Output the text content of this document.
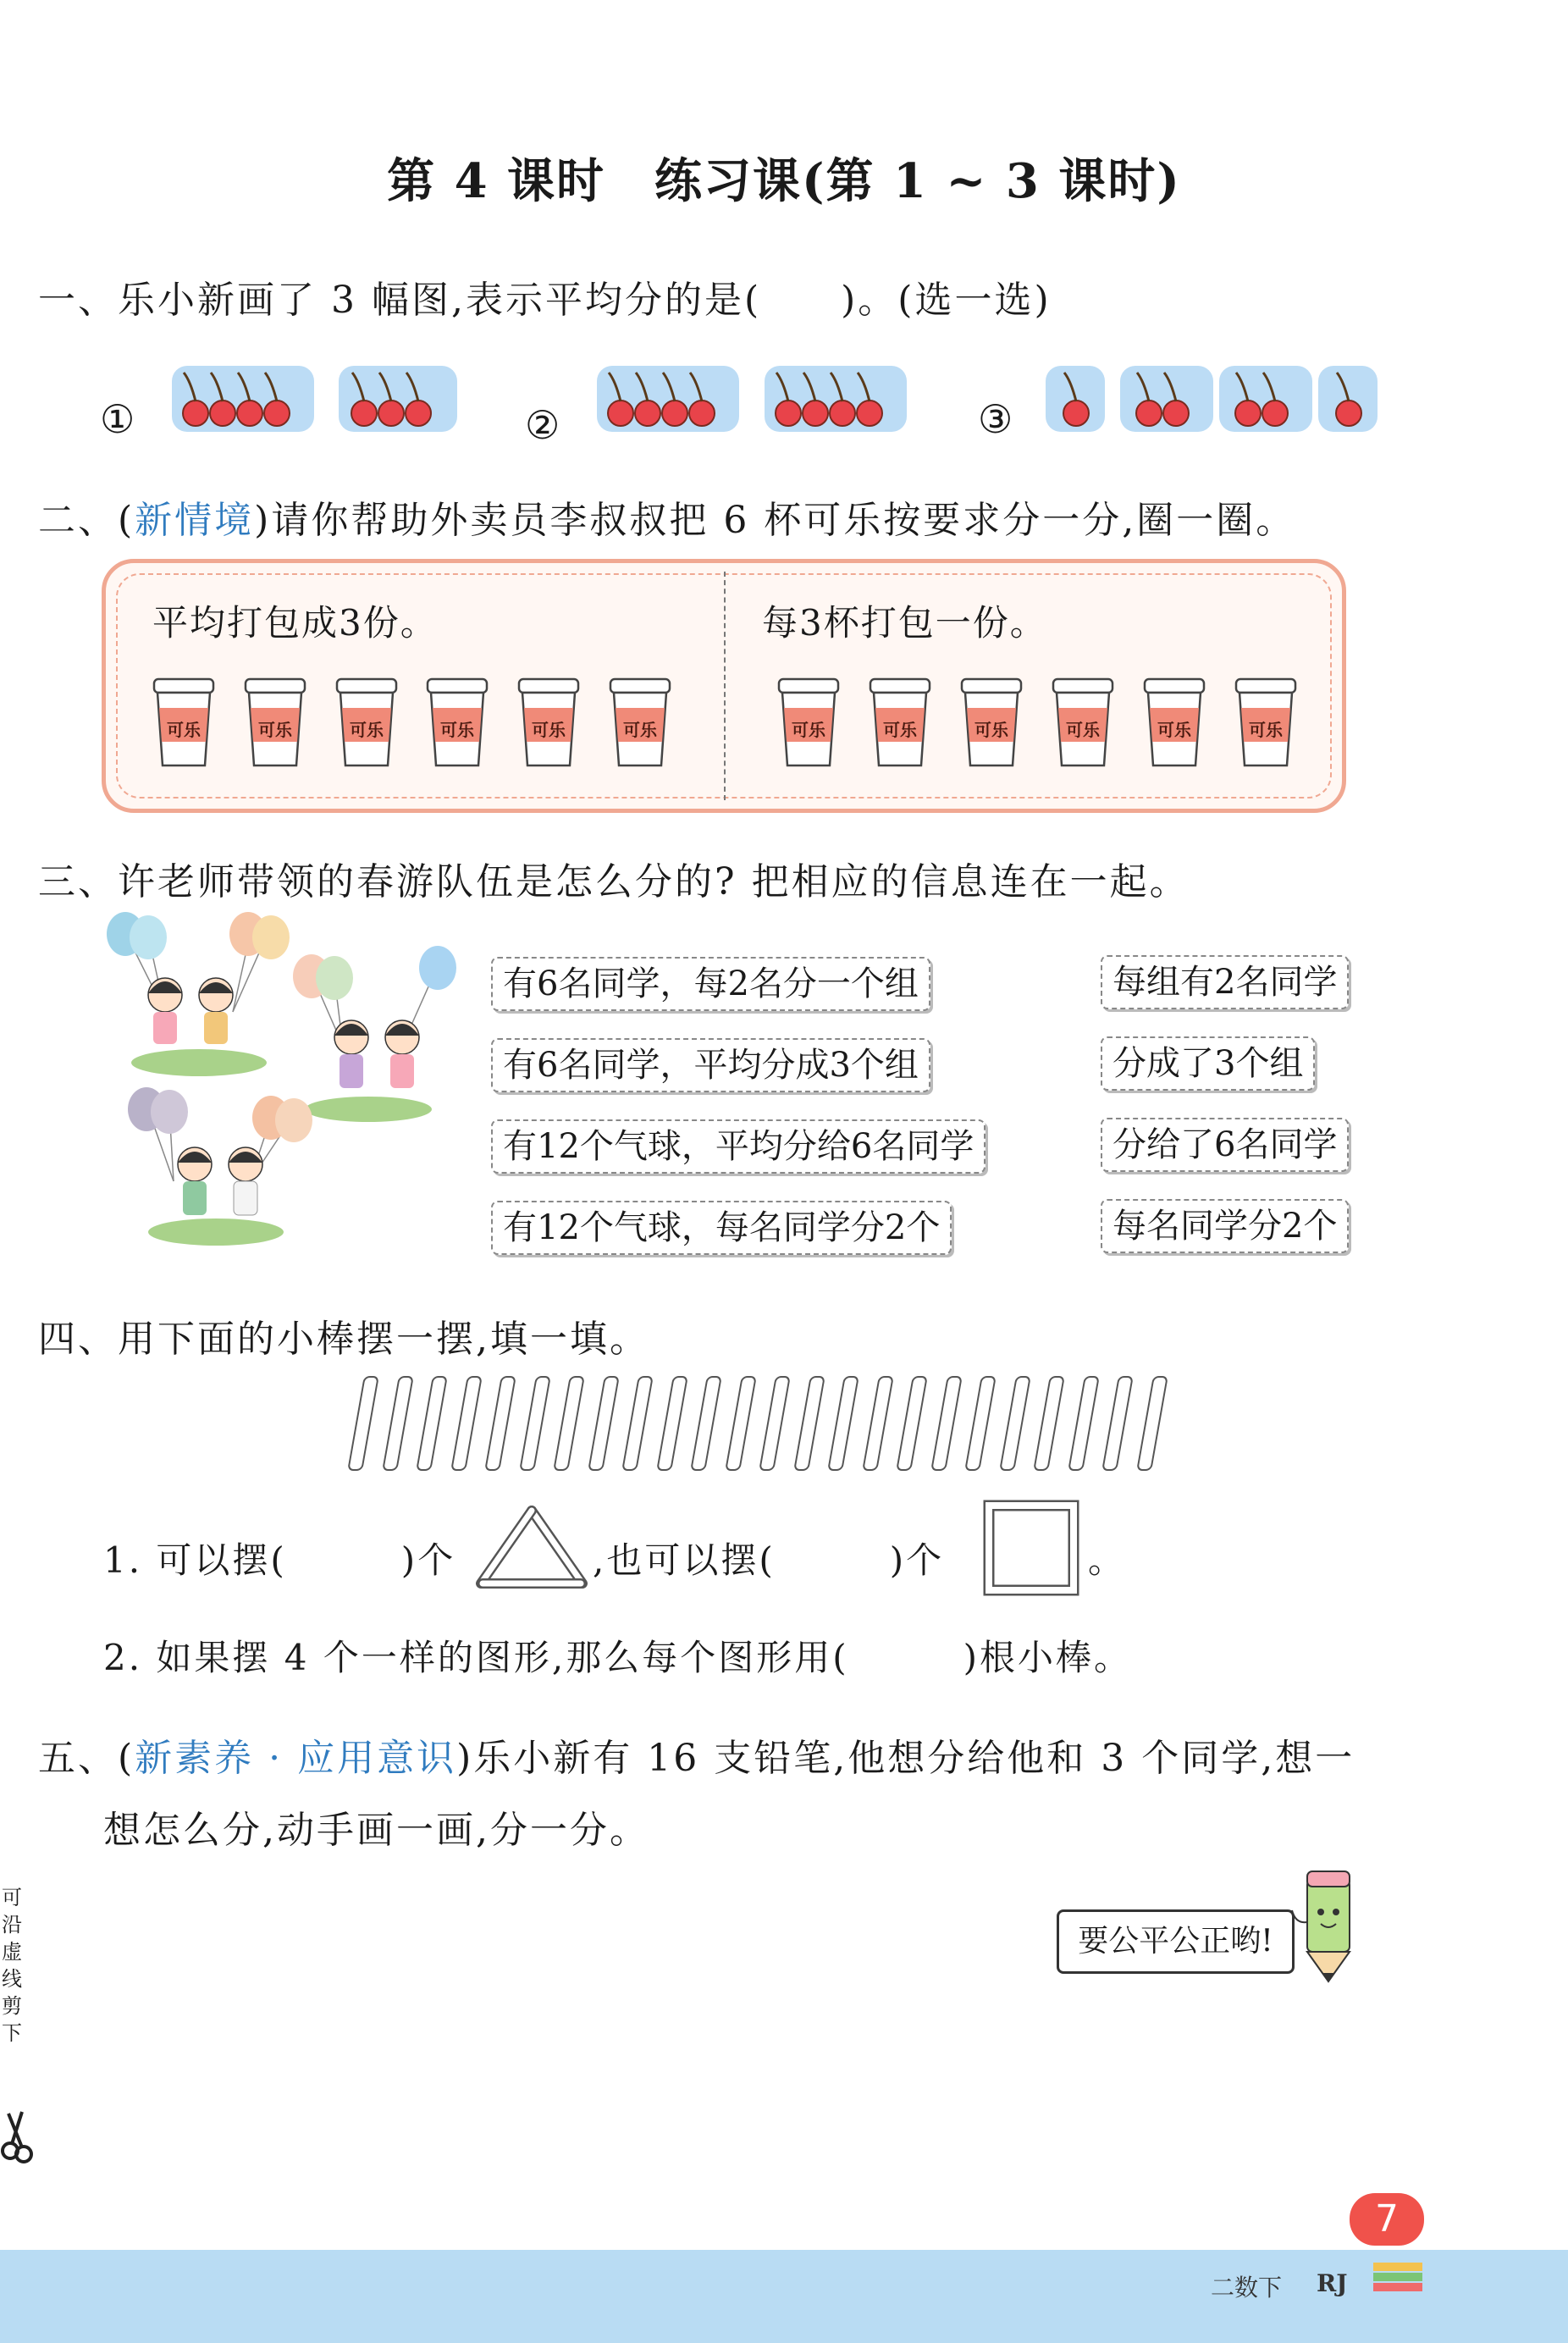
第 4 课时　练习课(第 1 ~ 3 课时)
一、乐小新画了 3 幅图,表示平均分的是(　　)。(选一选)
①	②	③
二、(新情境)请你帮助外卖员李叔叔把 6 杯可乐按要求分一分,圈一圈。
平均打包成3份。	每3杯打包一份。
可乐	可乐	可乐	可乐	可乐	可乐	可乐	可乐	可乐	可乐	可乐	可乐
三、许老师带领的春游队伍是怎么分的? 把相应的信息连在一起。
有6名同学，每2名分一个组
有6名同学，平均分成3个组
有12个气球，平均分给6名同学
有12个气球，每名同学分2个
每组有2名同学
分成了3个组
分给了6名同学
每名同学分2个
四、用下面的小棒摆一摆,填一填。
1. 可以摆(　　　)个	,也可以摆(　　　)个	。
2. 如果摆 4 个一样的图形,那么每个图形用(　　　)根小棒。
五、(新素养 · 应用意识)乐小新有 16 支铅笔,他想分给他和 3 个同学,想一
想怎么分,动手画一画,分一分。
要公平公正哟!
可沿虚线剪下
7
二数下 RJ
